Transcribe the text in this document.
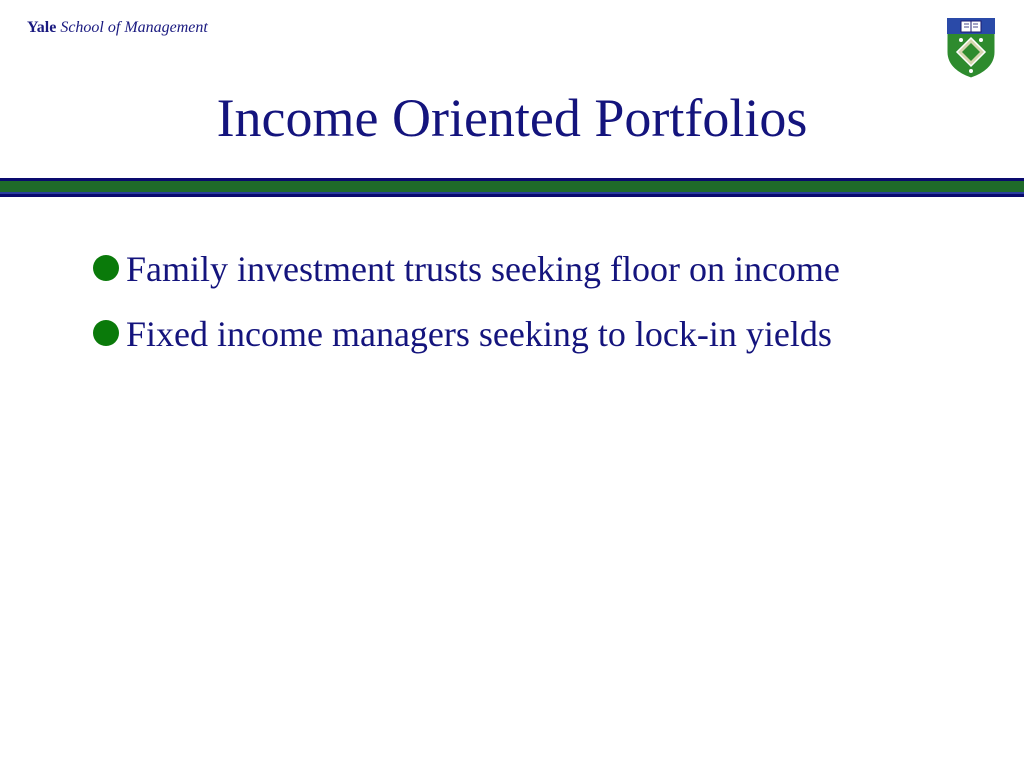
Yale School of Management
Income Oriented Portfolios
Family investment trusts seeking floor on income
Fixed income managers seeking to lock-in yields
